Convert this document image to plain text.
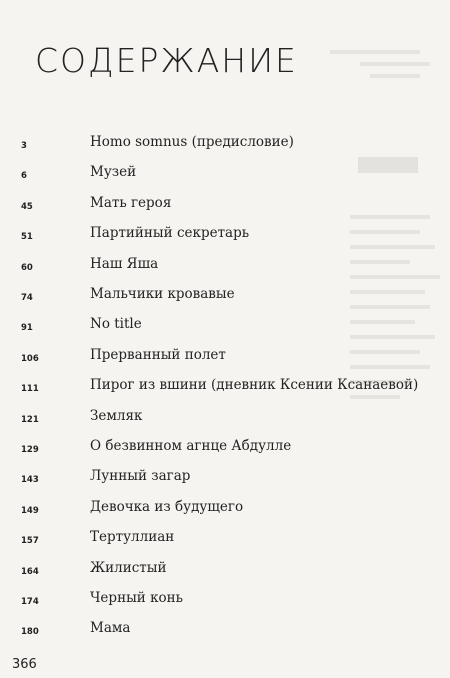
СОДЕРЖАНИЕ
3	Homo somnus (предисловие)
6	Музей
45	Мать героя
51	Партийный секретарь
60	Наш Яша
74	Мальчики кровавые
91	No title
106	Прерванный полет
111	Пирог из вшини (дневник Ксении Ксанаевой)
121	Земляк
129	О безвинном агнце Абдулле
143	Лунный загар
149	Девочка из будущего
157	Тертуллиан
164	Жилистый
174	Черный конь
180	Мама
366
